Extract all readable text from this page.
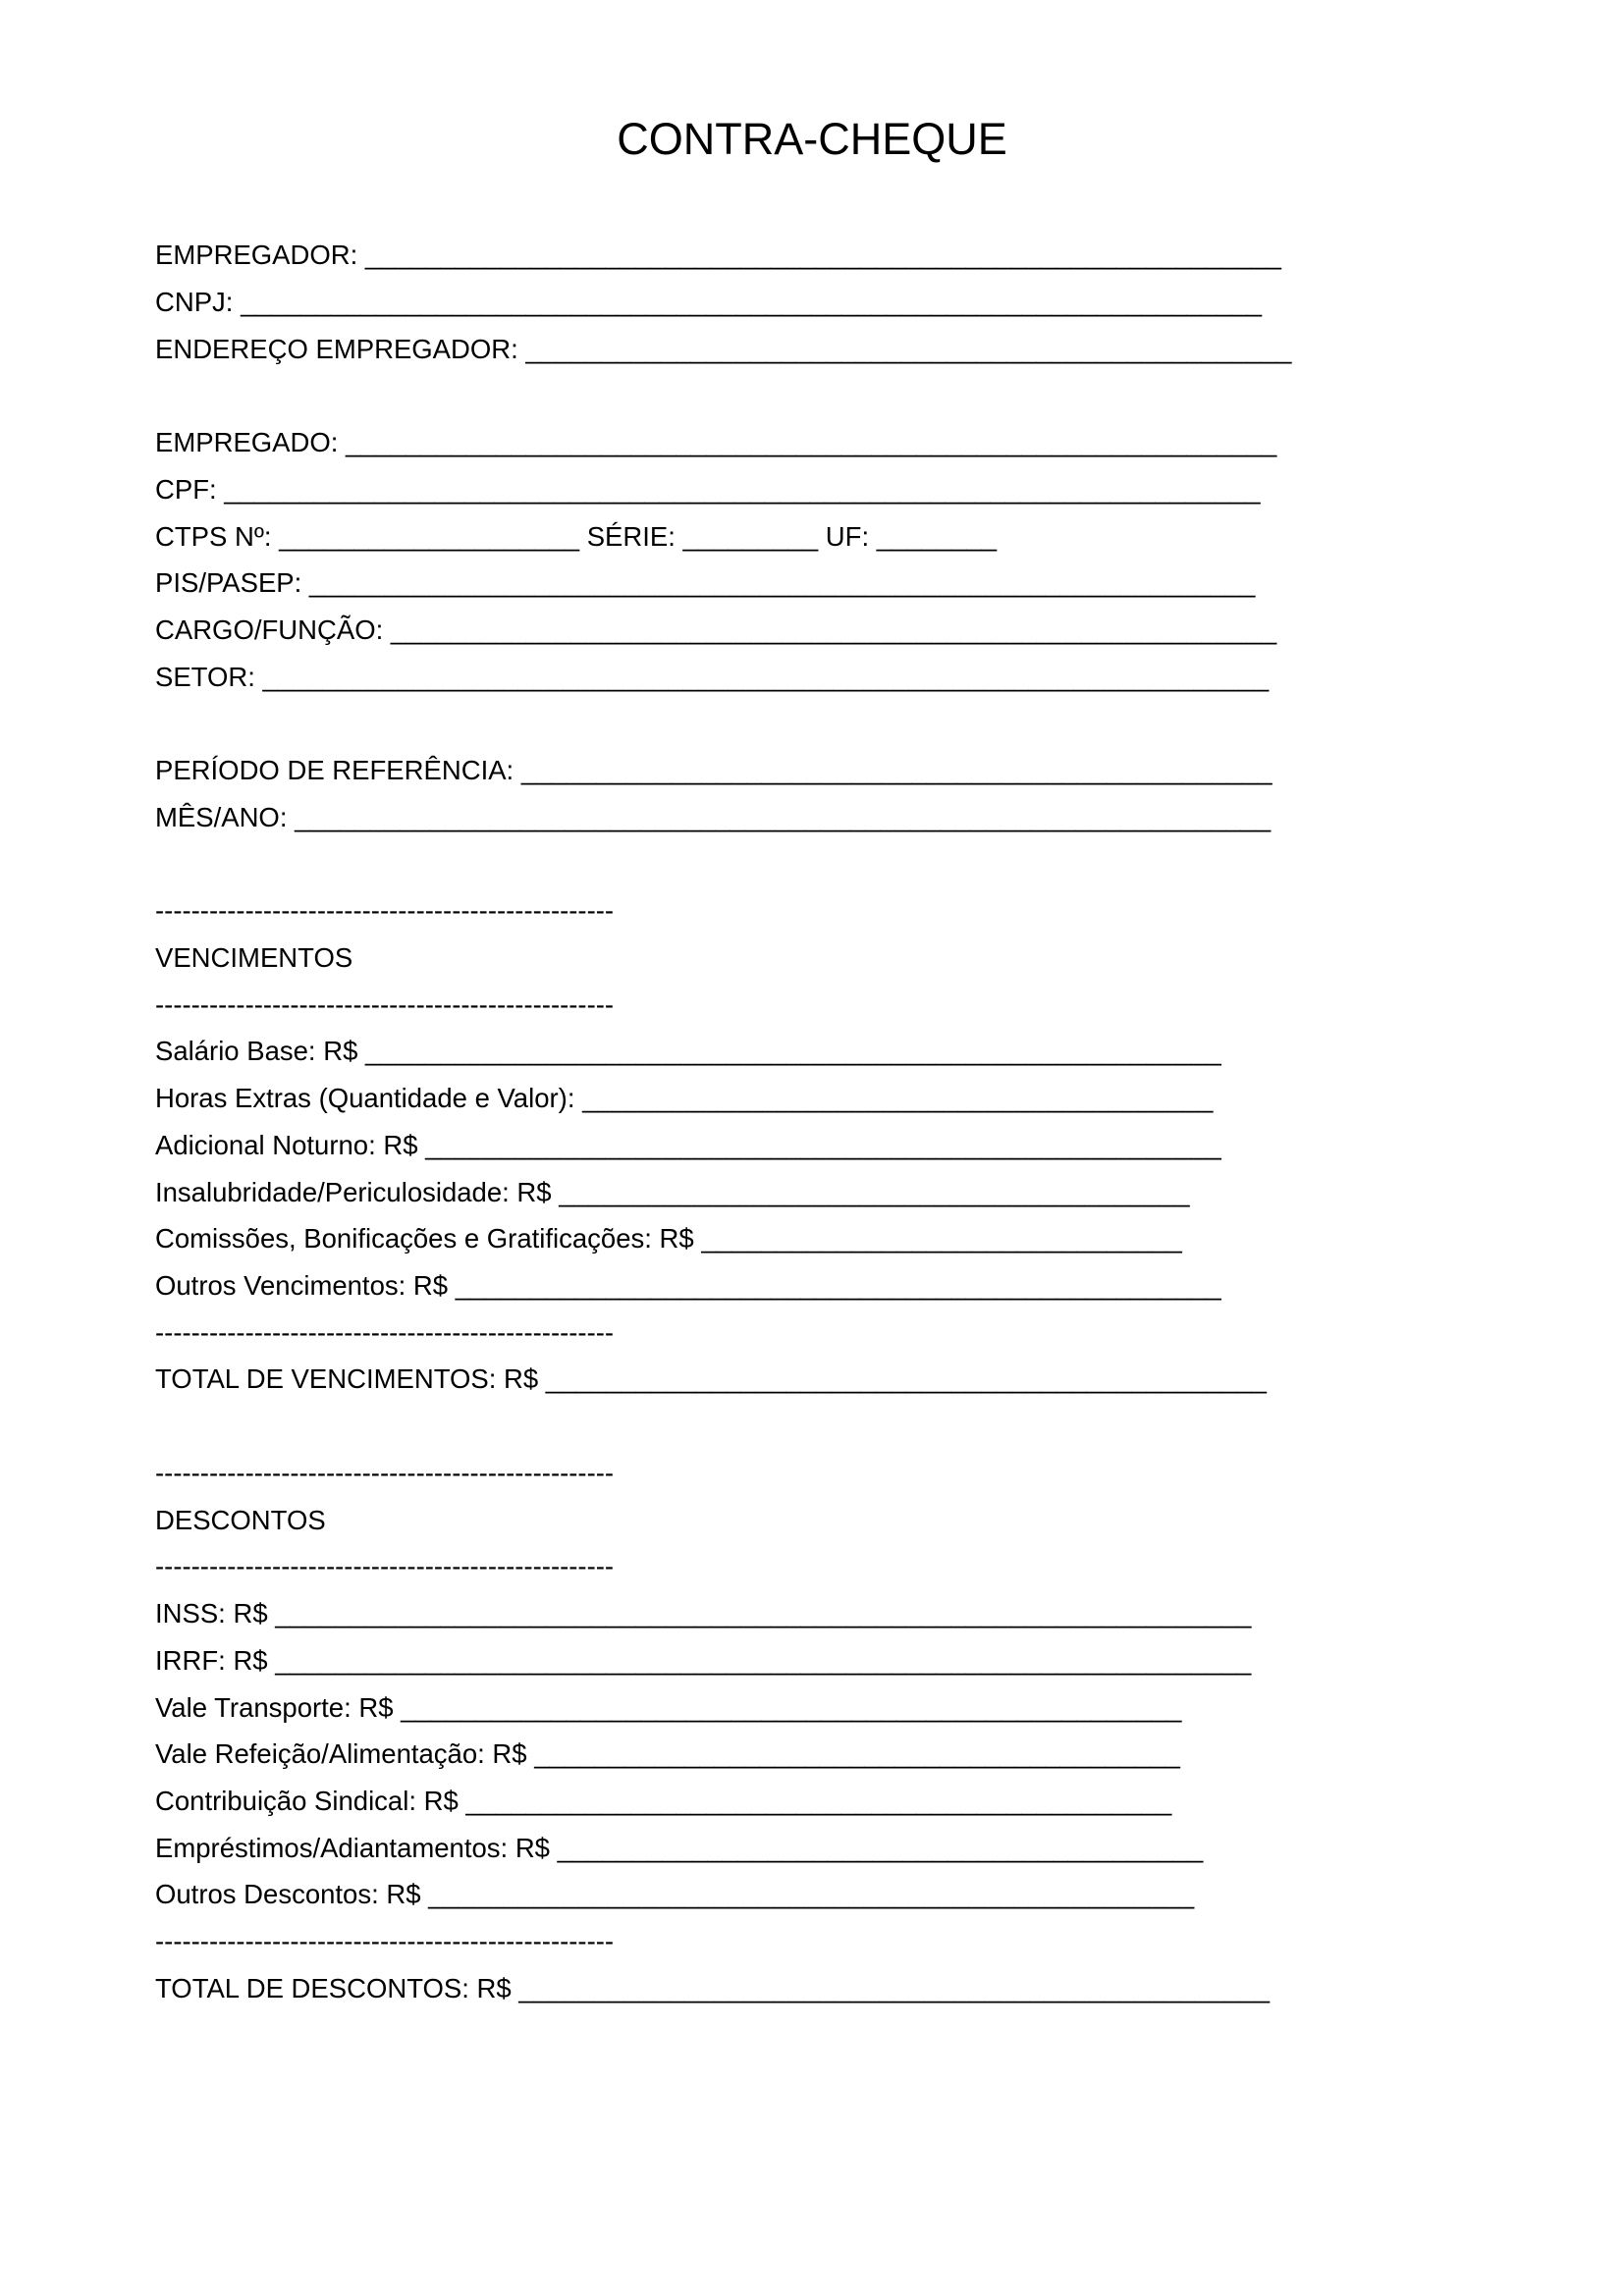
CONTRA-CHEQUE
EMPREGADOR: _____________________________________________________________
CNPJ: ____________________________________________________________________
ENDEREÇO EMPREGADOR: ___________________________________________________
EMPREGADO: ______________________________________________________________
CPF: _____________________________________________________________________
CTPS Nº: ____________________ SÉRIE: _________ UF: ________
PIS/PASEP: _______________________________________________________________
CARGO/FUNÇÃO: ___________________________________________________________
SETOR: ___________________________________________________________________
PERÍODO DE REFERÊNCIA: __________________________________________________
MÊS/ANO: _________________________________________________________________
---------------------------------------------------
VENCIMENTOS
---------------------------------------------------
Salário Base: R$ _________________________________________________________
Horas Extras (Quantidade e Valor): __________________________________________
Adicional Noturno: R$ _____________________________________________________
Insalubridade/Periculosidade: R$ __________________________________________
Comissões, Bonificações e Gratificações: R$ ________________________________
Outros Vencimentos: R$ ___________________________________________________
---------------------------------------------------
TOTAL DE VENCIMENTOS: R$ ________________________________________________
---------------------------------------------------
DESCONTOS
---------------------------------------------------
INSS: R$ _________________________________________________________________
IRRF: R$ _________________________________________________________________
Vale Transporte: R$ ____________________________________________________
Vale Refeição/Alimentação: R$ ___________________________________________
Contribuição Sindical: R$ _______________________________________________
Empréstimos/Adiantamentos: R$ ___________________________________________
Outros Descontos: R$ ___________________________________________________
---------------------------------------------------
TOTAL DE DESCONTOS: R$ __________________________________________________
